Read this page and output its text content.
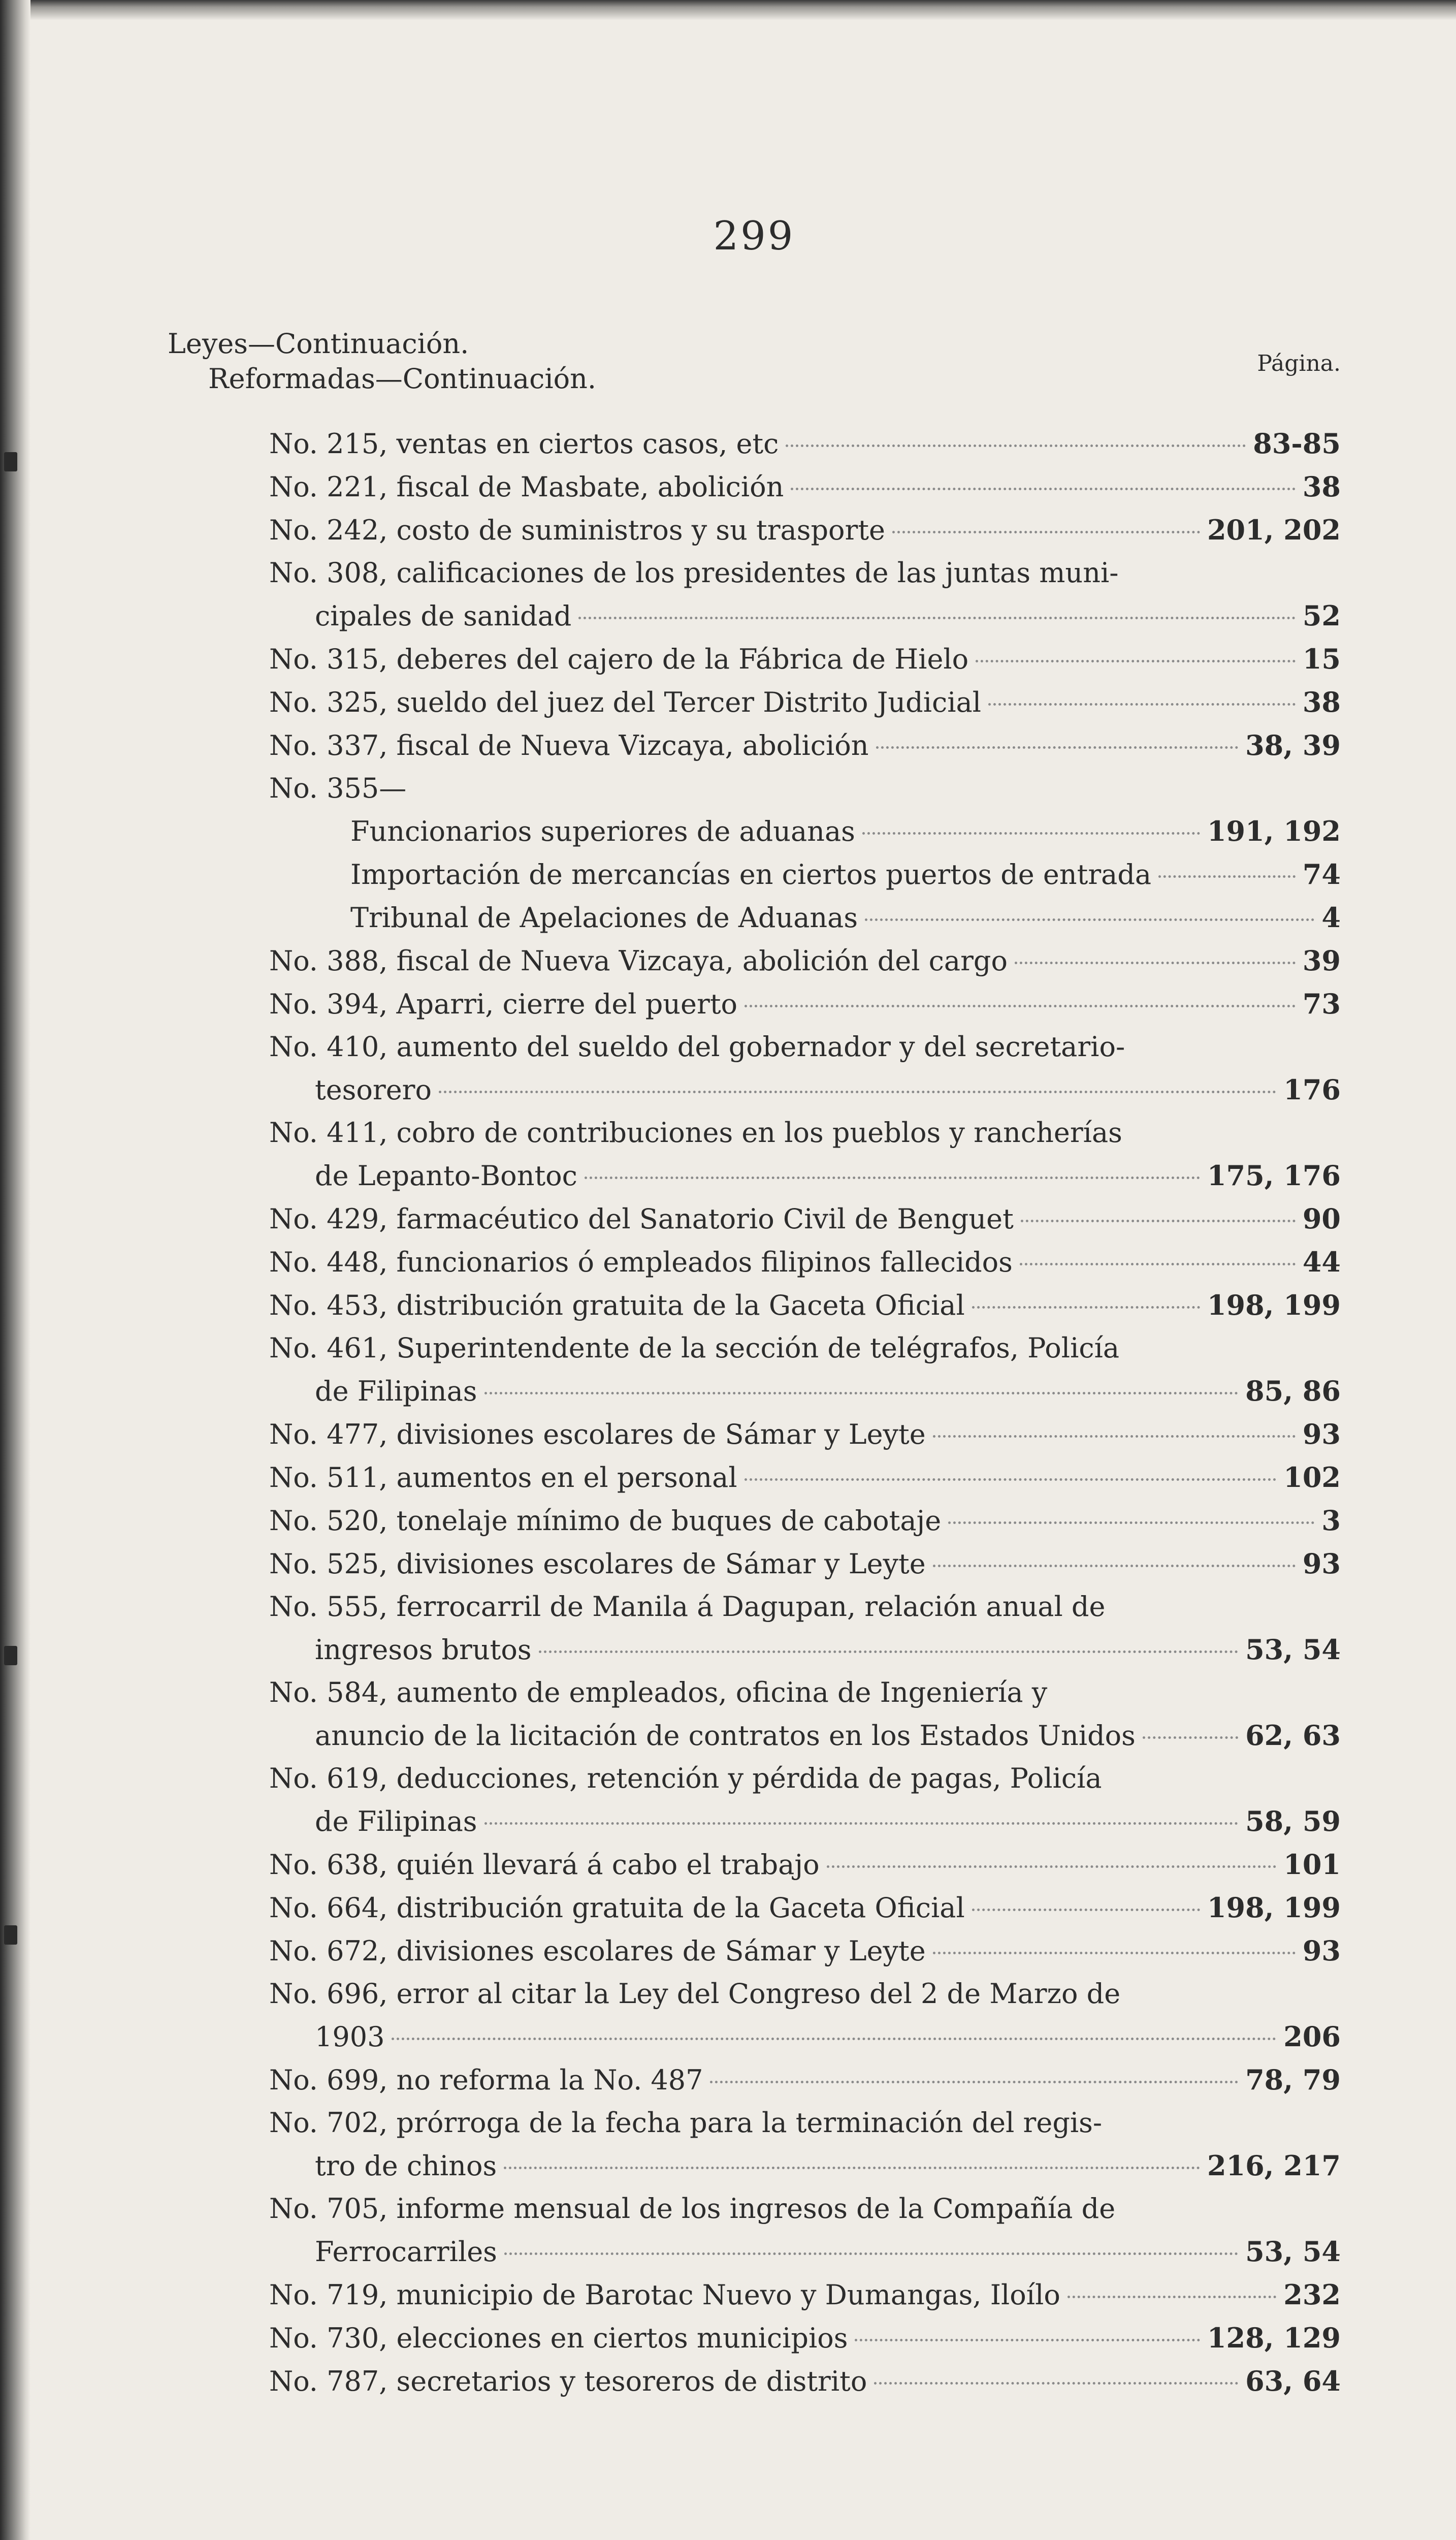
299
Leyes—Continuación.
Reformadas—Continuación.	Página.
No. 215, ventas en ciertos casos, etc	83-85
No. 221, fiscal de Masbate, abolición	38
No. 242, costo de suministros y su trasporte	201, 202
No. 308, calificaciones de los presidentes de las juntas muni-
cipales de sanidad	52
No. 315, deberes del cajero de la Fábrica de Hielo	15
No. 325, sueldo del juez del Tercer Distrito Judicial	38
No. 337, fiscal de Nueva Vizcaya, abolición	38, 39
No. 355—
Funcionarios superiores de aduanas	191, 192
Importación de mercancías en ciertos puertos de entrada	74
Tribunal de Apelaciones de Aduanas	4
No. 388, fiscal de Nueva Vizcaya, abolición del cargo	39
No. 394, Aparri, cierre del puerto	73
No. 410, aumento del sueldo del gobernador y del secretario-
tesorero	176
No. 411, cobro de contribuciones en los pueblos y rancherías
de Lepanto-Bontoc	175, 176
No. 429, farmacéutico del Sanatorio Civil de Benguet	90
No. 448, funcionarios ó empleados filipinos fallecidos	44
No. 453, distribución gratuita de la Gaceta Oficial	198, 199
No. 461, Superintendente de la sección de telégrafos, Policía
de Filipinas	85, 86
No. 477, divisiones escolares de Sámar y Leyte	93
No. 511, aumentos en el personal	102
No. 520, tonelaje mínimo de buques de cabotaje	3
No. 525, divisiones escolares de Sámar y Leyte	93
No. 555, ferrocarril de Manila á Dagupan, relación anual de
ingresos brutos	53, 54
No. 584, aumento de empleados, oficina de Ingeniería y
anuncio de la licitación de contratos en los Estados Unidos	62, 63
No. 619, deducciones, retención y pérdida de pagas, Policía
de Filipinas	58, 59
No. 638, quién llevará á cabo el trabajo	101
No. 664, distribución gratuita de la Gaceta Oficial	198, 199
No. 672, divisiones escolares de Sámar y Leyte	93
No. 696, error al citar la Ley del Congreso del 2 de Marzo de
1903	206
No. 699, no reforma la No. 487	78, 79
No. 702, prórroga de la fecha para la terminación del regis-
tro de chinos	216, 217
No. 705, informe mensual de los ingresos de la Compañía de
Ferrocarriles	53, 54
No. 719, municipio de Barotac Nuevo y Dumangas, Iloílo	232
No. 730, elecciones en ciertos municipios	128, 129
No. 787, secretarios y tesoreros de distrito	63, 64
